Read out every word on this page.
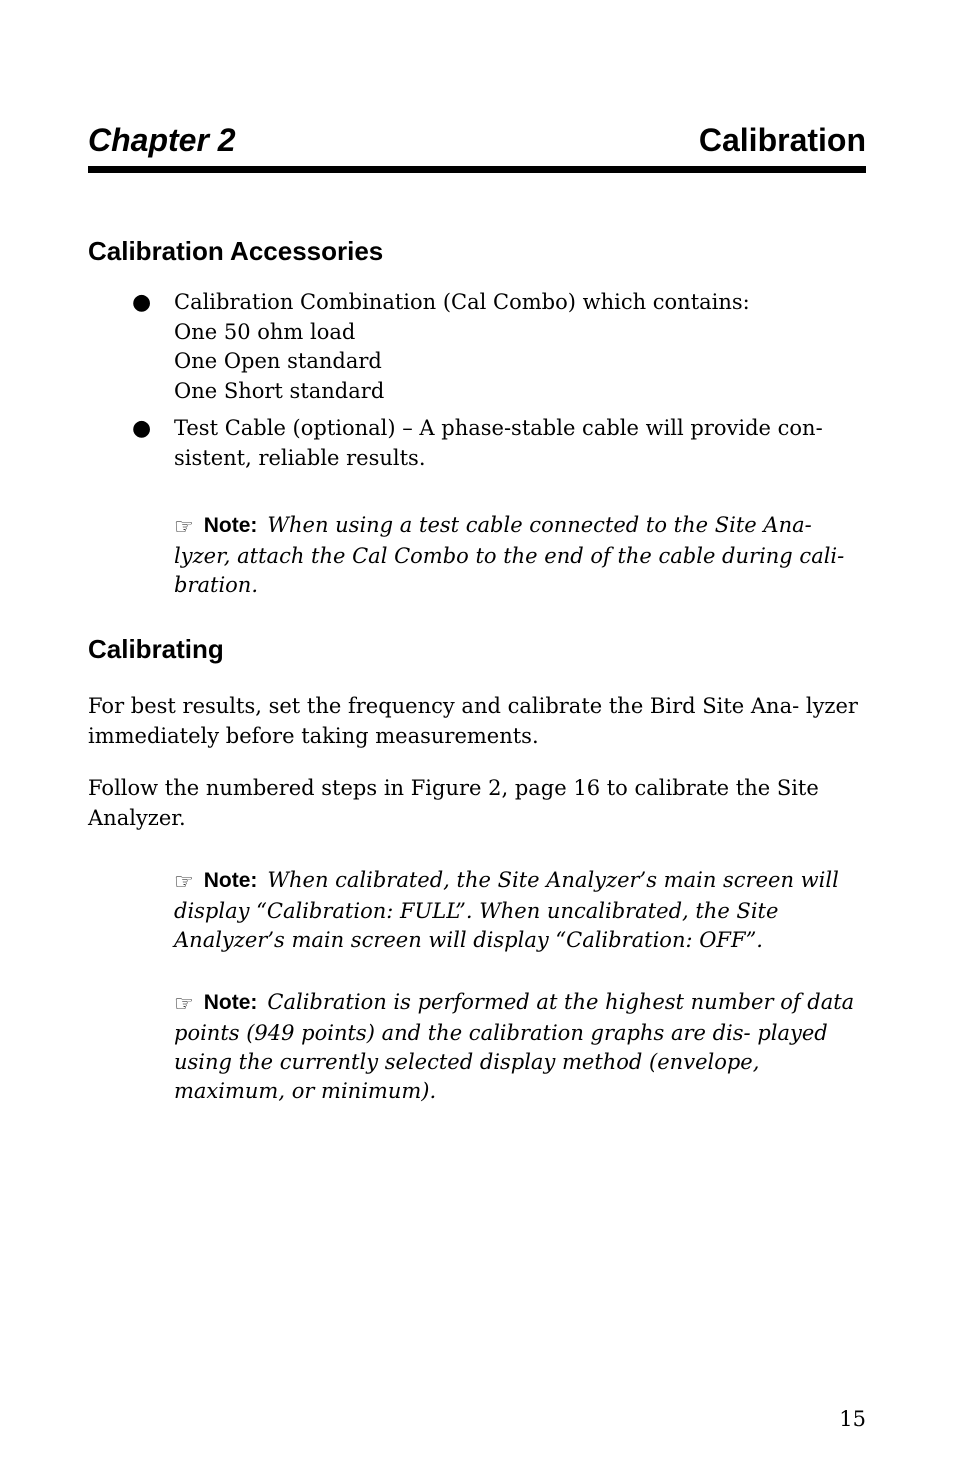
Chapter 2	Calibration
Calibration Accessories
● Calibration Combination (Cal Combo) which contains:
One 50 ohm load
One Open standard
One Short standard
● Test Cable (optional) – A phase-stable cable will provide con-
sistent, reliable results.

☞ Note: When using a test cable connected to the Site Ana- lyzer, attach the Cal Combo to the end of the cable during cali- bration.

Calibrating

For best results, set the frequency and calibrate the Bird Site Ana- lyzer immediately before taking measurements.

Follow the numbered steps in Figure 2, page 16 to calibrate the Site Analyzer.

☞ Note: When calibrated, the Site Analyzer’s main screen will display “Calibration: FULL”. When uncalibrated, the Site Analyzer’s main screen will display “Calibration: OFF”.

☞ Note: Calibration is performed at the highest number of data points (949 points) and the calibration graphs are dis- played using the currently selected display method (envelope, maximum, or minimum).

15
